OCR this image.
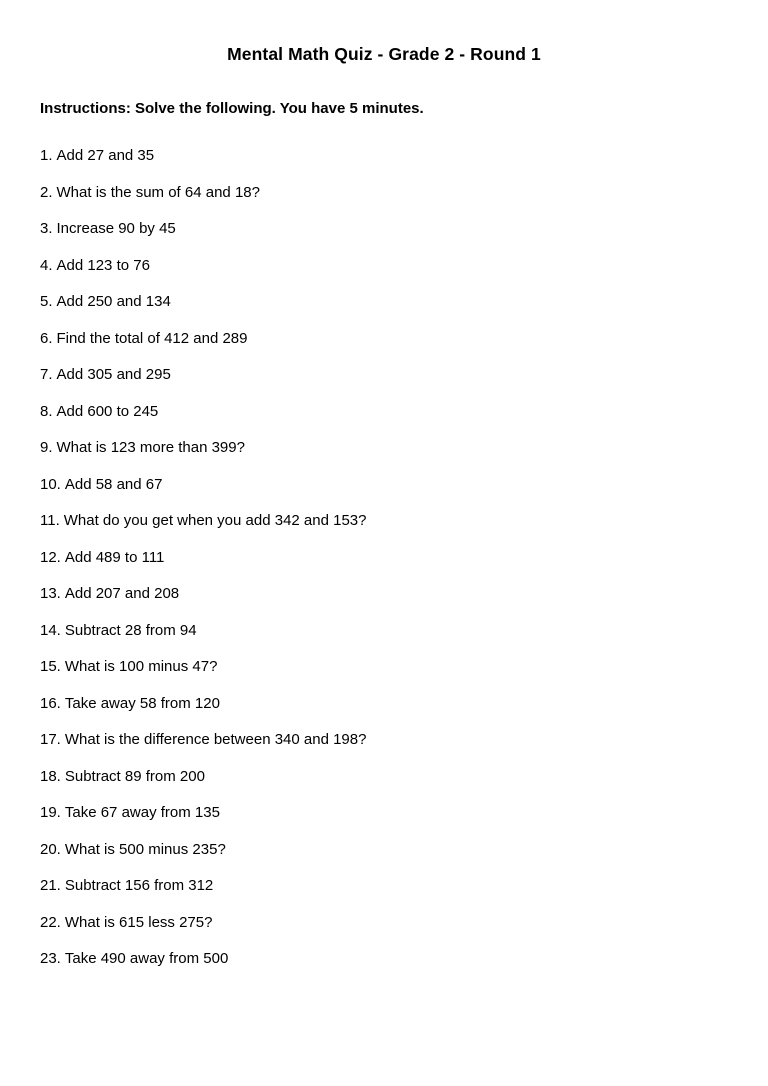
Mental Math Quiz - Grade 2 - Round 1

Instructions: Solve the following. You have 5 minutes.

1. Add 27 and 35
2. What is the sum of 64 and 18?
3. Increase 90 by 45
4. Add 123 to 76
5. Add 250 and 134
6. Find the total of 412 and 289
7. Add 305 and 295
8. Add 600 to 245
9. What is 123 more than 399?
10. Add 58 and 67
11. What do you get when you add 342 and 153?
12. Add 489 to 111
13. Add 207 and 208
14. Subtract 28 from 94
15. What is 100 minus 47?
16. Take away 58 from 120
17. What is the difference between 340 and 198?
18. Subtract 89 from 200
19. Take 67 away from 135
20. What is 500 minus 235?
21. Subtract 156 from 312
22. What is 615 less 275?
23. Take 490 away from 500
